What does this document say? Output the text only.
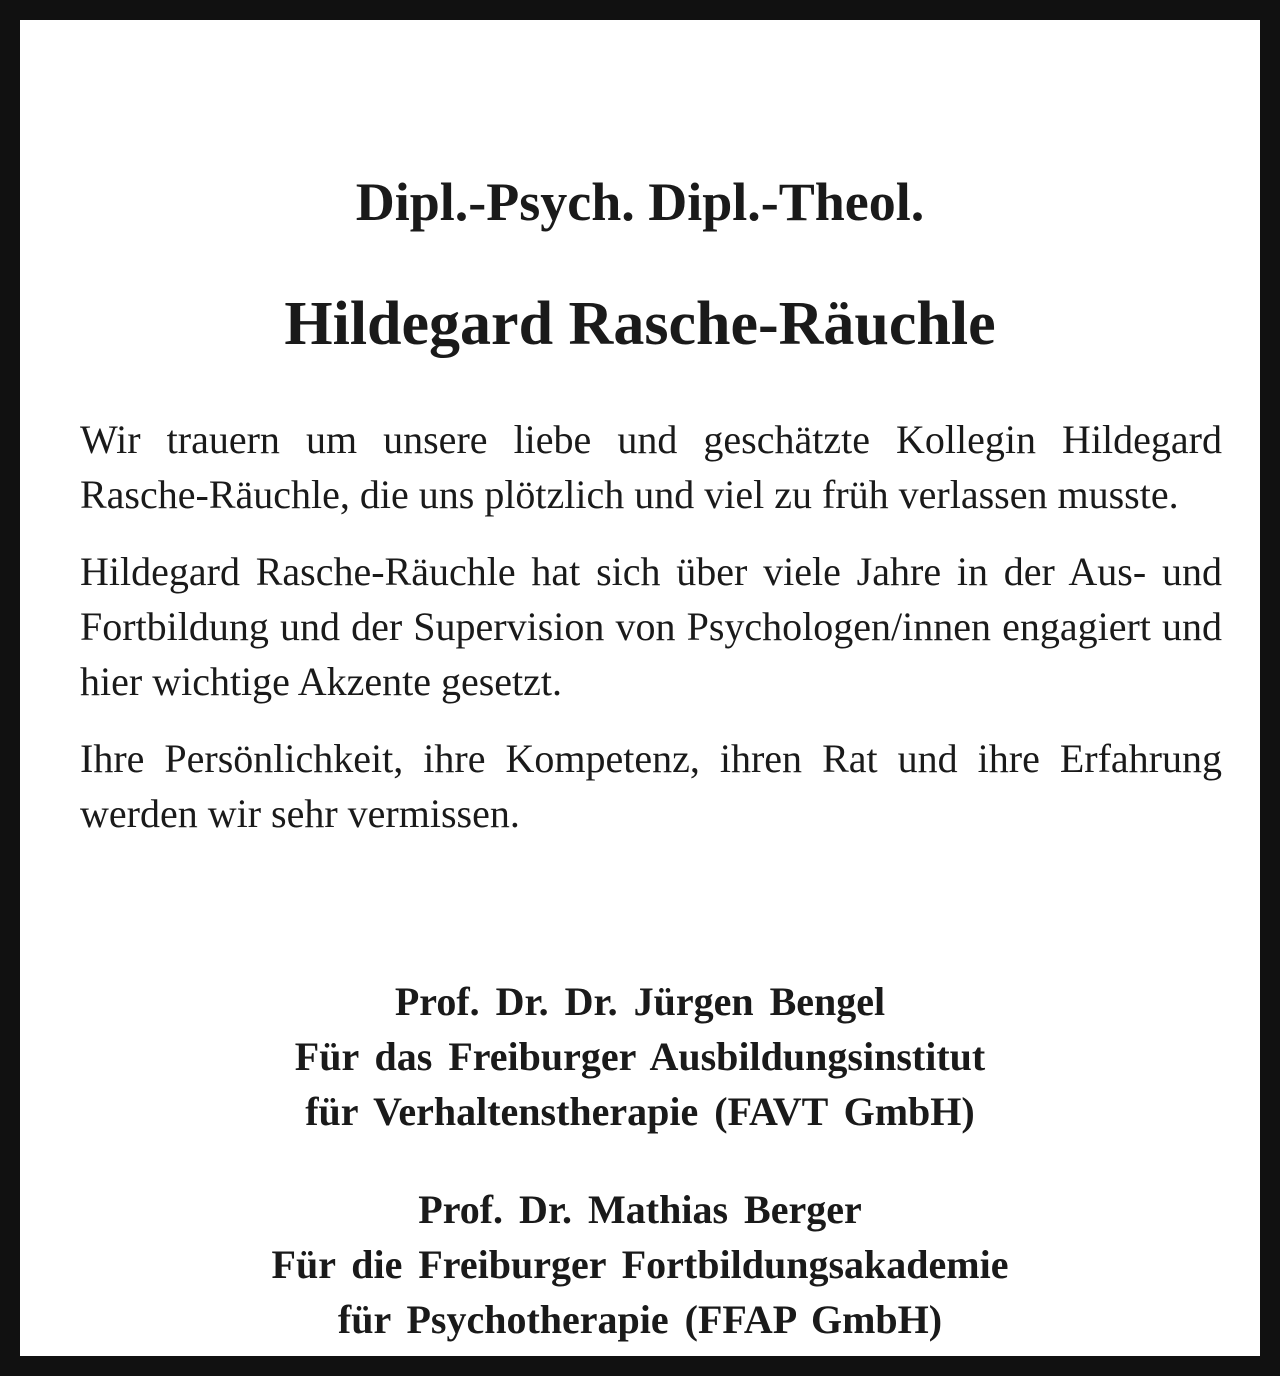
Dipl.-Psych. Dipl.-Theol.
Hildegard Rasche-Räuchle

Wir trauern um unsere liebe und geschätzte Kollegin Hildegard Rasche-Räuchle, die uns plötzlich und viel zu früh verlassen musste.

Hildegard Rasche-Räuchle hat sich über viele Jahre in der Aus- und Fortbildung und der Supervision von Psychologen/innen engagiert und hier wichtige Akzente gesetzt.

Ihre Persönlichkeit, ihre Kompetenz, ihren Rat und ihre Erfahrung werden wir sehr vermissen.

Prof. Dr. Dr. Jürgen Bengel
Für das Freiburger Ausbildungsinstitut
für Verhaltenstherapie (FAVT GmbH)
Prof. Dr. Mathias Berger
Für die Freiburger Fortbildungsakademie
für Psychotherapie (FFAP GmbH)
